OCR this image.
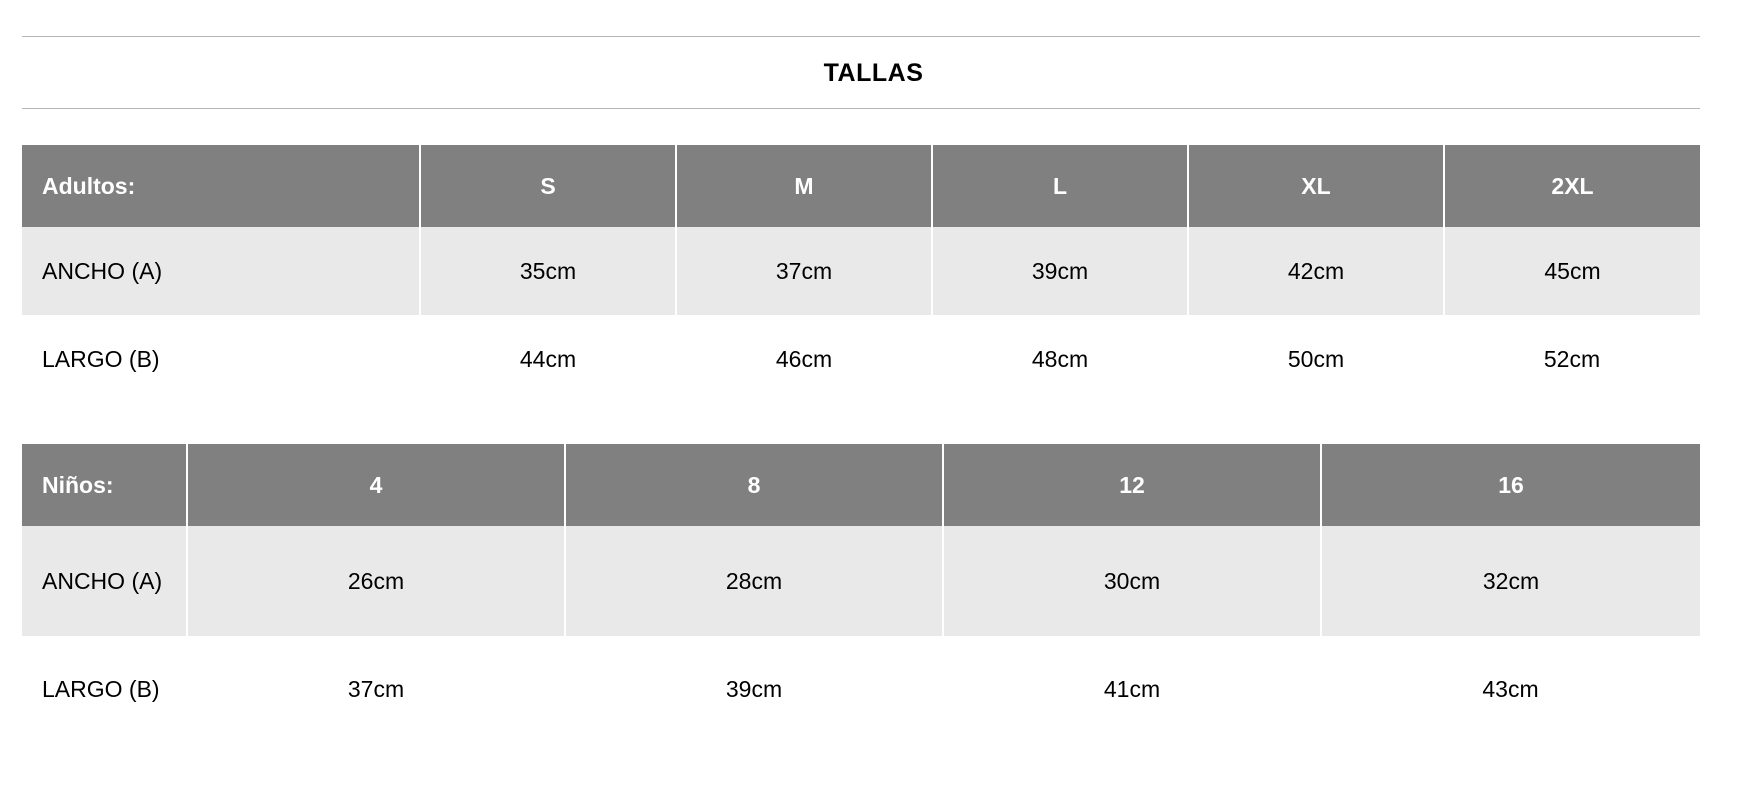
TALLAS
Adultos:	S	M	L	XL	2XL
ANCHO (A)	35cm	37cm	39cm	42cm	45cm
LARGO (B)	44cm	46cm	48cm	50cm	52cm
Niños:	4	8	12	16
ANCHO (A)	26cm	28cm	30cm	32cm
LARGO (B)	37cm	39cm	41cm	43cm
